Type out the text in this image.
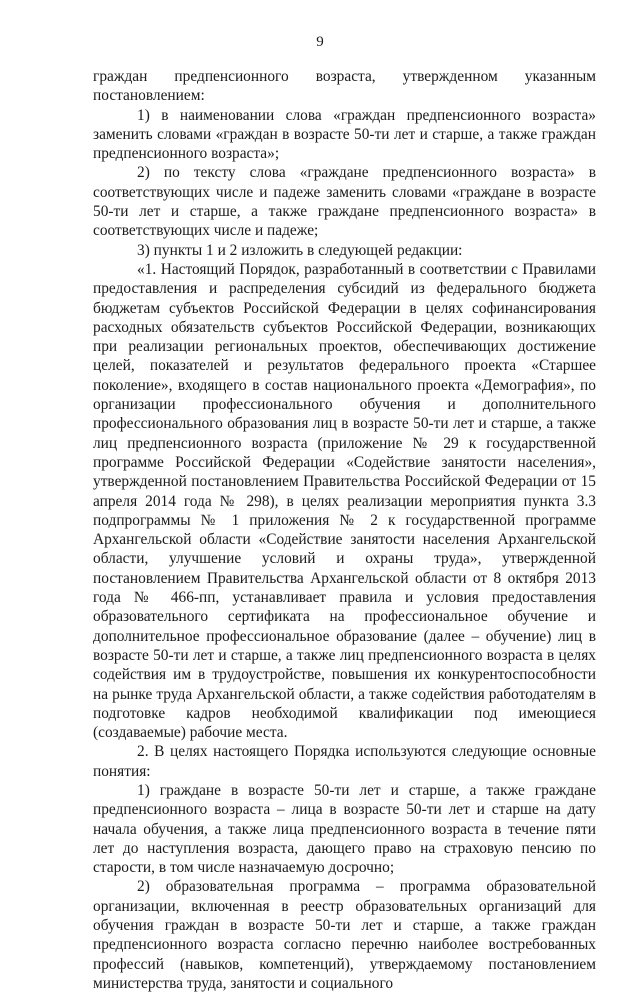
9

граждан предпенсионного возраста, утвержденном указанным постановлением:

1) в наименовании слова «граждан предпенсионного возраста» заменить словами «граждан в возрасте 50-ти лет и старше, а также граждан предпенсионного возраста»;

2) по тексту слова «граждане предпенсионного возраста» в соответствующих числе и падеже заменить словами «граждане в возрасте 50-ти лет и старше, а также граждане предпенсионного возраста» в соответствующих числе и падеже;

3) пункты 1 и 2 изложить в следующей редакции:

«1. Настоящий Порядок, разработанный в соответствии с Правилами предоставления и распределения субсидий из федерального бюджета бюджетам субъектов Российской Федерации в целях софинансирования расходных обязательств субъектов Российской Федерации, возникающих при реализации региональных проектов, обеспечивающих достижение целей, показателей и результатов федерального проекта «Старшее поколение», входящего в состав национального проекта «Демография», по организации профессионального обучения и дополнительного профессионального образования лиц в возрасте 50-ти лет и старше, а также лиц предпенсионного возраста (приложение № 29 к государственной программе Российской Федерации «Содействие занятости населения», утвержденной постановлением Правительства Российской Федерации от 15 апреля 2014 года № 298), в целях реализации мероприятия пункта 3.3 подпрограммы № 1 приложения № 2 к государственной программе Архангельской области «Содействие занятости населения Архангельской области, улучшение условий и охраны труда», утвержденной постановлением Правительства Архангельской области от 8 октября 2013 года № 466-пп, устанавливает правила и условия предоставления образовательного сертификата на профессиональное обучение и дополнительное профессиональное образование (далее – обучение) лиц в возрасте 50-ти лет и старше, а также лиц предпенсионного возраста в целях содействия им в трудоустройстве, повышения их конкурентоспособности на рынке труда Архангельской области, а также содействия работодателям в подготовке кадров необходимой квалификации под имеющиеся (создаваемые) рабочие места.

2. В целях настоящего Порядка используются следующие основные понятия:

1) граждане в возрасте 50-ти лет и старше, а также граждане предпенсионного возраста – лица в возрасте 50-ти лет и старше на дату начала обучения, а также лица предпенсионного возраста в течение пяти лет до наступления возраста, дающего право на страховую пенсию по старости, в том числе назначаемую досрочно;

2) образовательная программа – программа образовательной организации, включенная в реестр образовательных организаций для обучения граждан в возрасте 50-ти лет и старше, а также граждан предпенсионного возраста согласно перечню наиболее востребованных профессий (навыков, компетенций), утверждаемому постановлением министерства труда, занятости и социального
